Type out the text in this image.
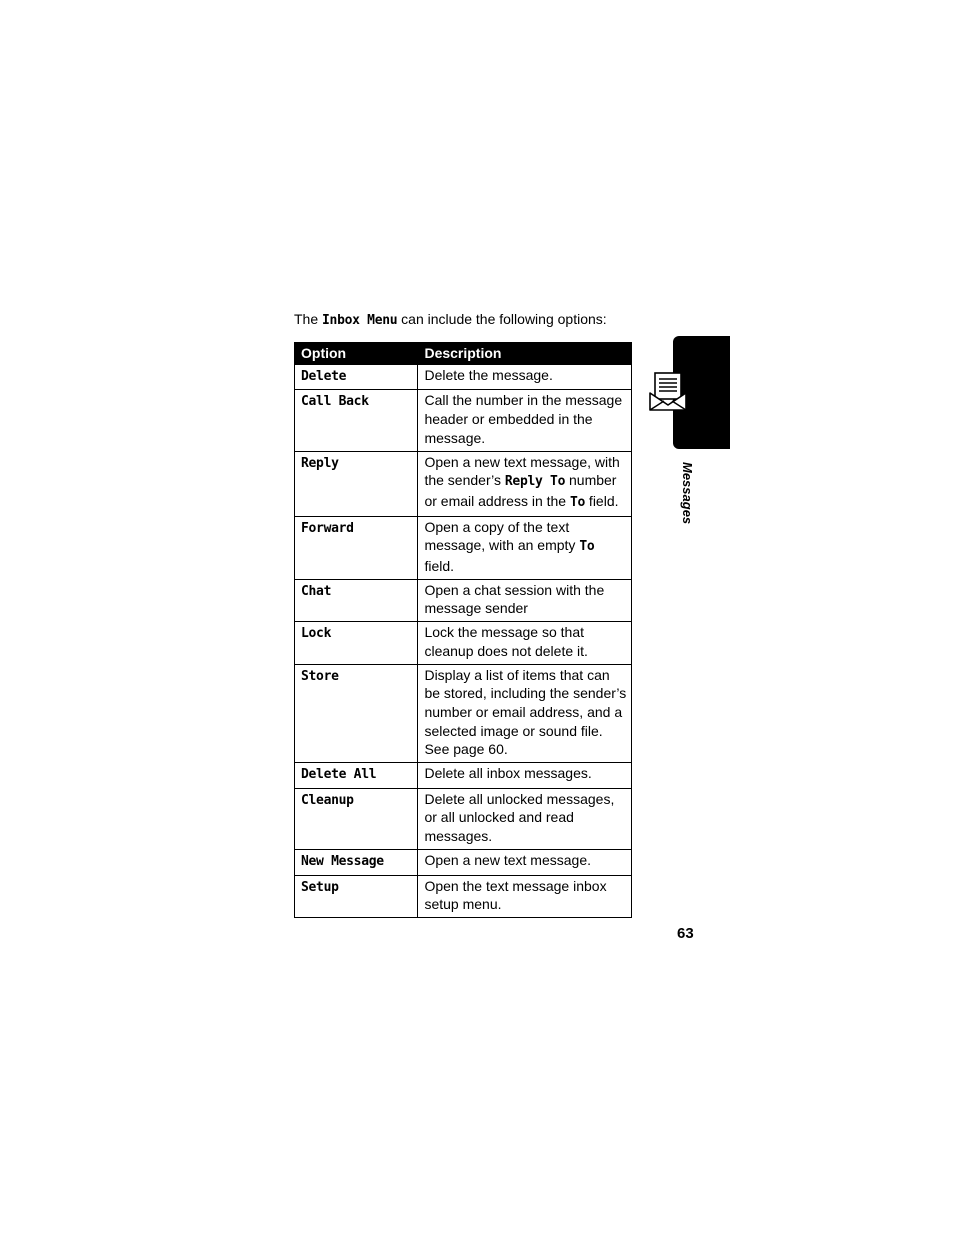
The Inbox Menu can include the following options:

Option	Description
Delete	Delete the message.
Call Back	Call the number in the message header or embedded in the message.
Reply	Open a new text message, with the sender’s Reply To number or email address in the To field.
Forward	Open a copy of the text message, with an empty To field.
Chat	Open a chat session with the message sender
Lock	Lock the message so that cleanup does not delete it.
Store	Display a list of items that can be stored, including the sender’s number or email address, and a selected image or sound file. See page 60.
Delete All	Delete all inbox messages.
Cleanup	Delete all unlocked messages, or all unlocked and read messages.
New Message	Open a new text message.
Setup	Open the text message inbox setup menu.
Messages
63
